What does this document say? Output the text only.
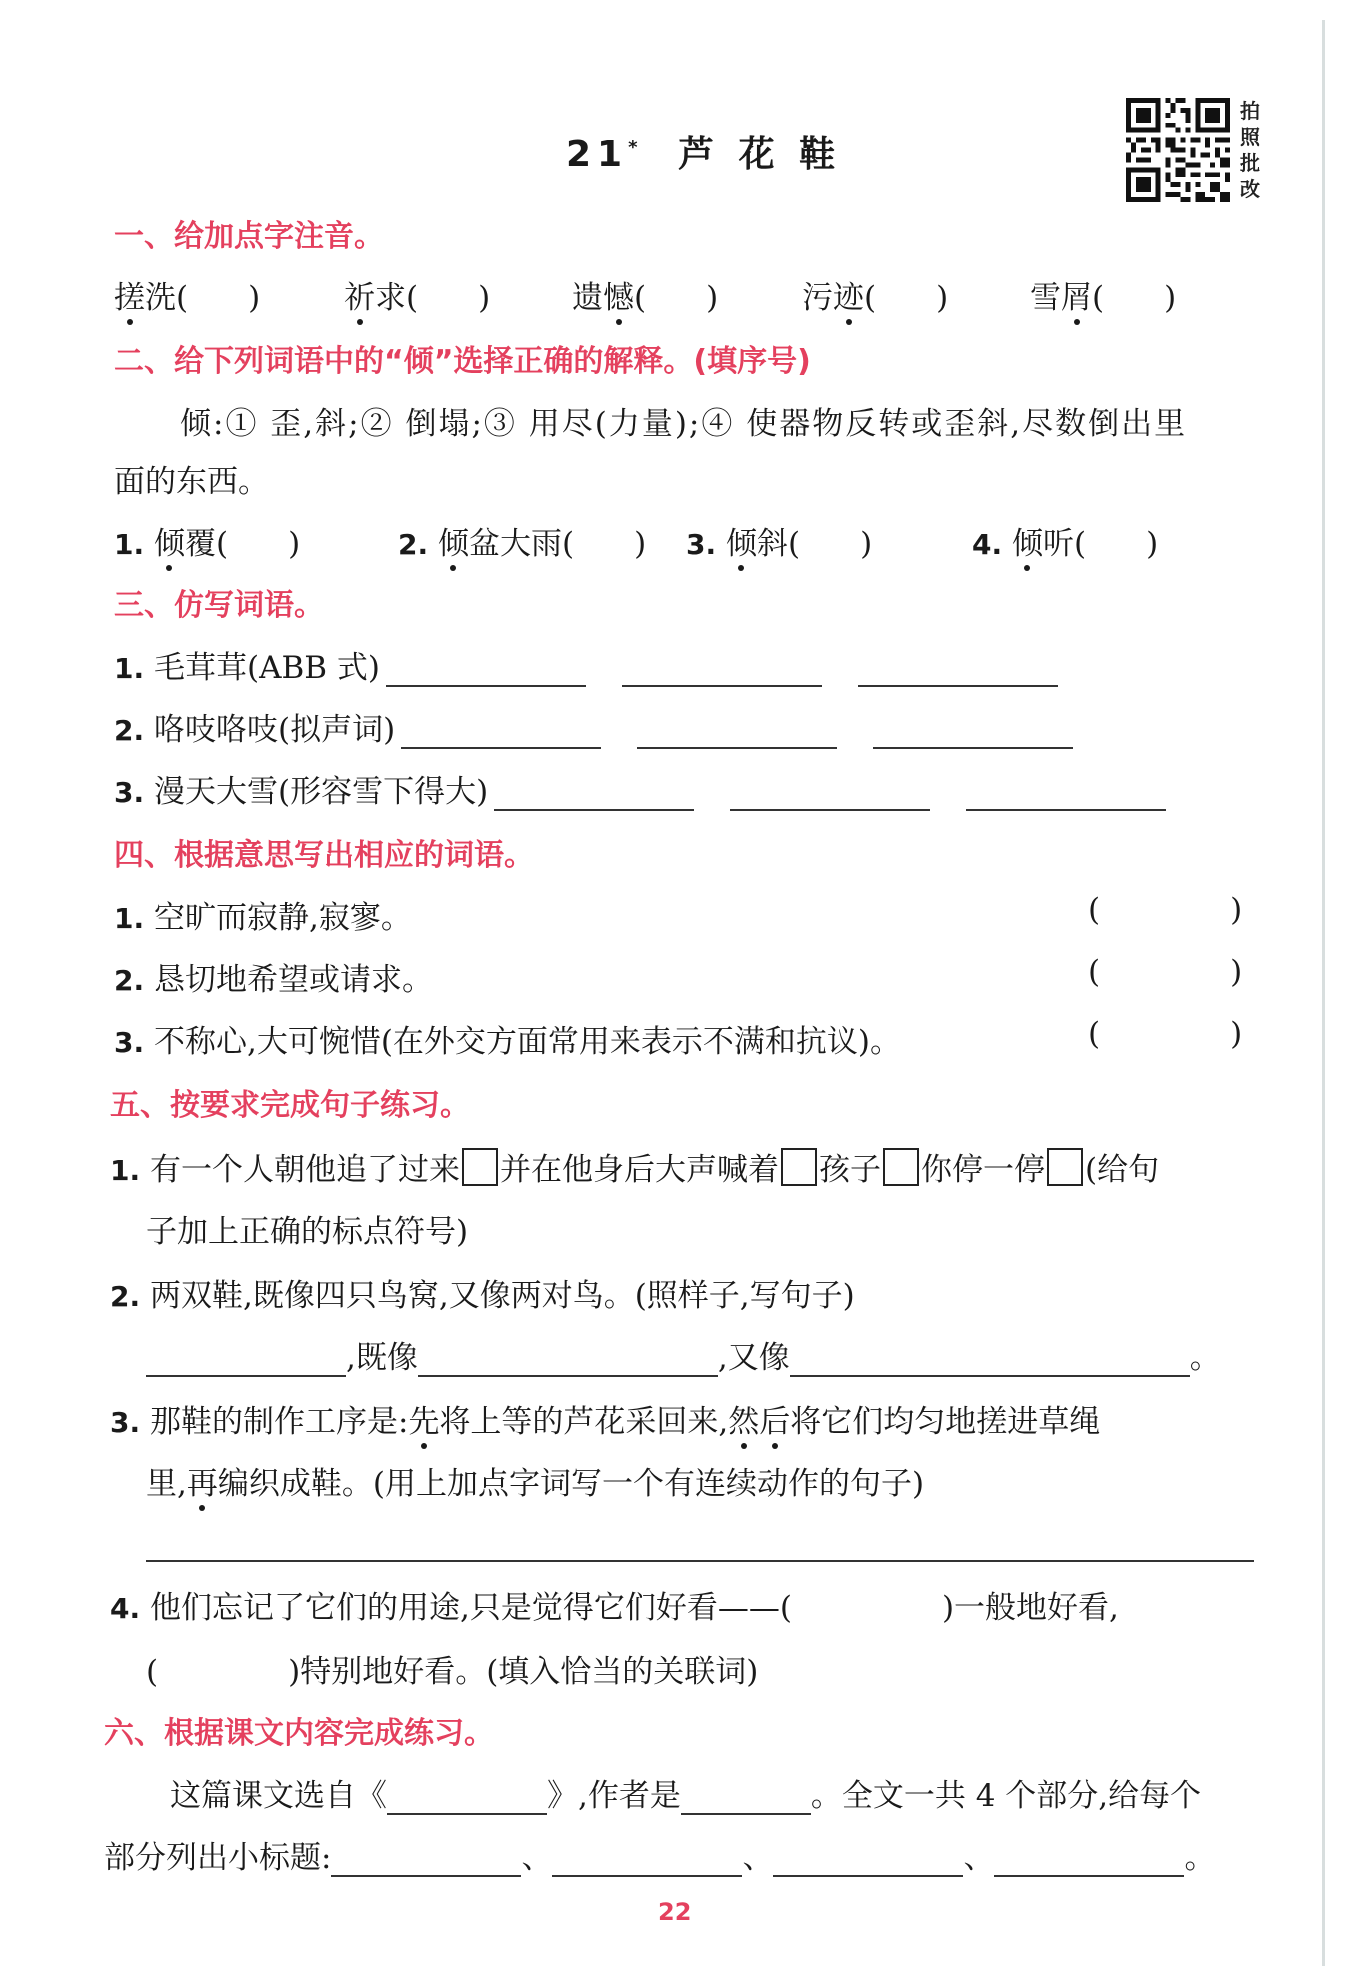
21* 芦 花 鞋
拍照批改
一、给加点字注音。
搓洗( )	祈求( )	遗憾( )	污迹( )	雪屑( )
二、给下列词语中的“倾”选择正确的解释。(填序号)
倾:① 歪,斜;② 倒塌;③ 用尽(力量);④ 使器物反转或歪斜,尽数倒出里
面的东西。
1. 倾覆( )	2. 倾盆大雨( ) 3. 倾斜( )	4. 倾听( )
三、仿写词语。
1. 毛茸茸(ABB 式)
2. 咯吱咯吱(拟声词)
3. 漫天大雪(形容雪下得大)
四、根据意思写出相应的词语。
1. 空旷而寂静,寂寥。	(	)
2. 恳切地希望或请求。	(	)
3. 不称心,大可惋惜(在外交方面常用来表示不满和抗议)。	(	)
五、按要求完成句子练习。
1. 有一个人朝他追了过来 并在他身后大声喊着 孩子 你停一停 (给句
子加上正确的标点符号)
2. 两双鞋,既像四只鸟窝,又像两对鸟。(照样子,写句子)
,既像	,又像	。
3. 那鞋的制作工序是:先将上等的芦花采回来,然后将它们均匀地搓进草绳
里,再编织成鞋。(用上加点字词写一个有连续动作的句子)
4. 他们忘记了它们的用途,只是觉得它们好看——(	)一般地好看,
(	)特别地好看。(填入恰当的关联词)
六、根据课文内容完成练习。
这篇课文选自《	》,作者是	。全文一共 4 个部分,给每个
部分列出小标题:	、	、	、	。
22
